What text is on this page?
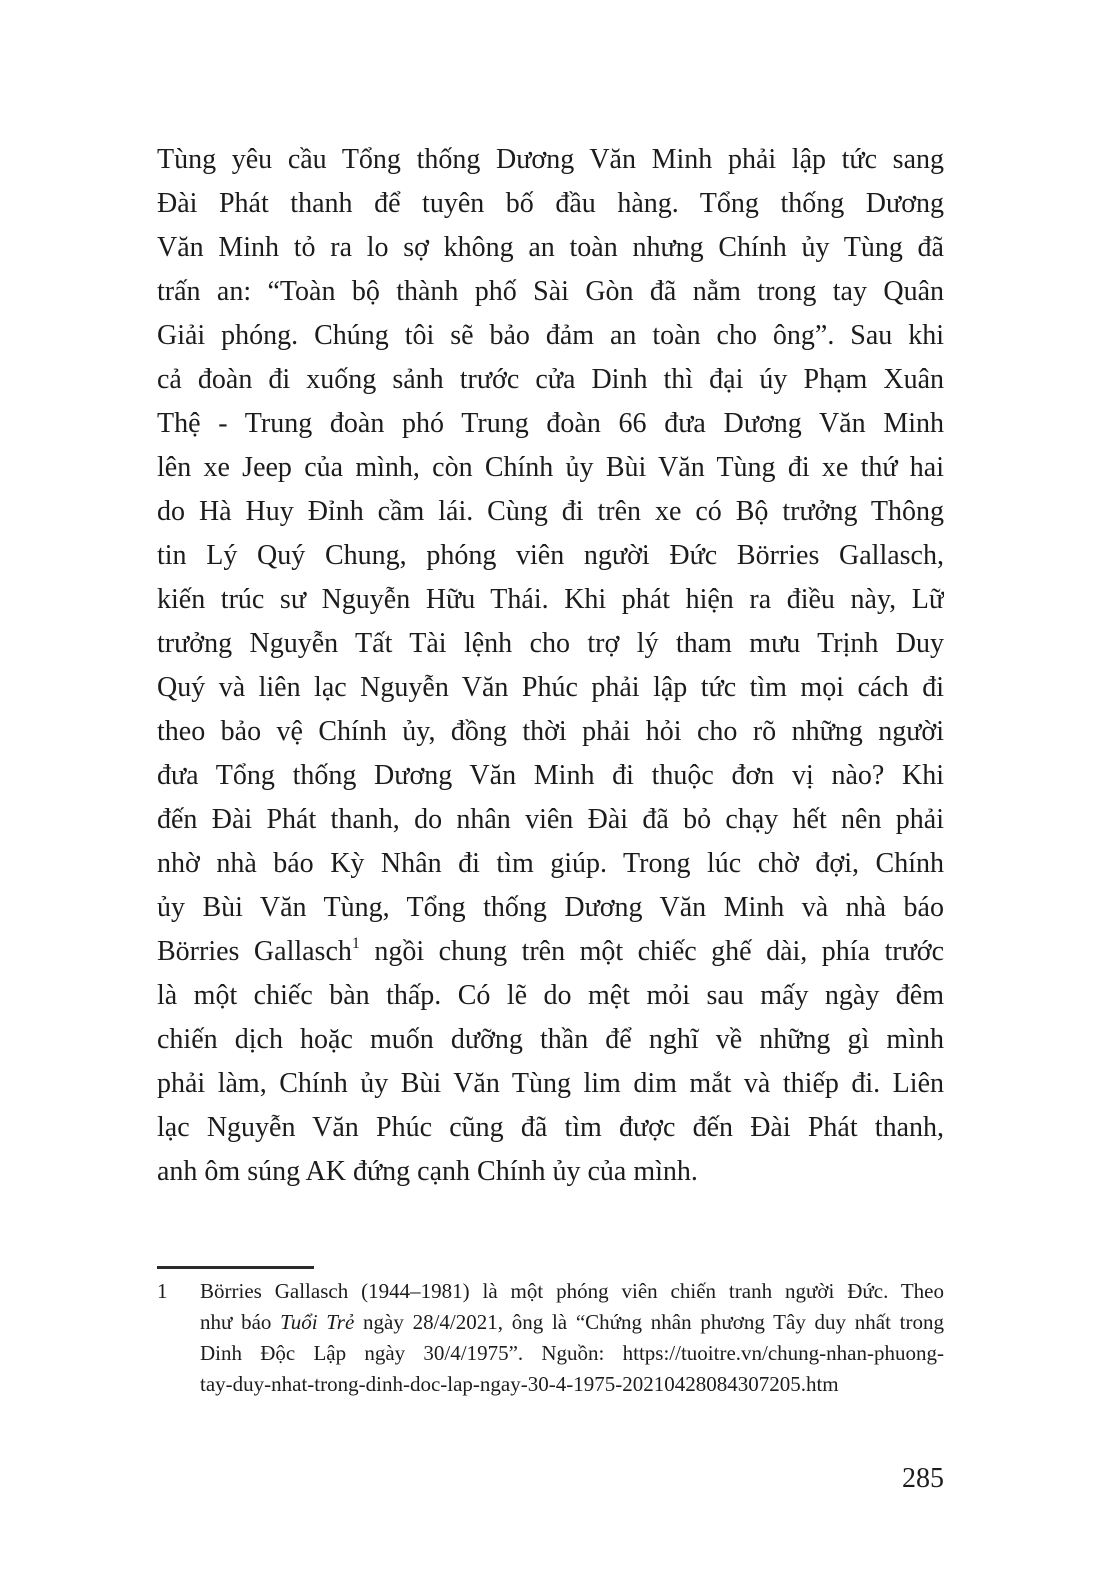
Tùng yêu cầu Tổng thống Dương Văn Minh phải lập tức sang
Đài Phát thanh để tuyên bố đầu hàng. Tổng thống Dương
Văn Minh tỏ ra lo sợ không an toàn nhưng Chính ủy Tùng đã
trấn an: “Toàn bộ thành phố Sài Gòn đã nằm trong tay Quân
Giải phóng. Chúng tôi sẽ bảo đảm an toàn cho ông”. Sau khi
cả đoàn đi xuống sảnh trước cửa Dinh thì đại úy Phạm Xuân
Thệ - Trung đoàn phó Trung đoàn 66 đưa Dương Văn Minh
lên xe Jeep của mình, còn Chính ủy Bùi Văn Tùng đi xe thứ hai
do Hà Huy Đỉnh cầm lái. Cùng đi trên xe có Bộ trưởng Thông
tin Lý Quý Chung, phóng viên người Đức Börries Gallasch,
kiến trúc sư Nguyễn Hữu Thái. Khi phát hiện ra điều này, Lữ
trưởng Nguyễn Tất Tài lệnh cho trợ lý tham mưu Trịnh Duy
Quý và liên lạc Nguyễn Văn Phúc phải lập tức tìm mọi cách đi
theo bảo vệ Chính ủy, đồng thời phải hỏi cho rõ những người
đưa Tổng thống Dương Văn Minh đi thuộc đơn vị nào? Khi
đến Đài Phát thanh, do nhân viên Đài đã bỏ chạy hết nên phải
nhờ nhà báo Kỳ Nhân đi tìm giúp. Trong lúc chờ đợi, Chính
ủy Bùi Văn Tùng, Tổng thống Dương Văn Minh và nhà báo
Börries Gallasch$^1$ ngồi chung trên một chiếc ghế dài, phía trước
là một chiếc bàn thấp. Có lẽ do mệt mỏi sau mấy ngày đêm
chiến dịch hoặc muốn dưỡng thần để nghĩ về những gì mình
phải làm, Chính ủy Bùi Văn Tùng lim dim mắt và thiếp đi. Liên
lạc Nguyễn Văn Phúc cũng đã tìm được đến Đài Phát thanh,
anh ôm súng AK đứng cạnh Chính ủy của mình.
1 Börries Gallasch (1944–1981) là một phóng viên chiến tranh người Đức. Theo
như báo Tuổi Trẻ ngày 28/4/2021, ông là “Chứng nhân phương Tây duy nhất trong
Dinh Độc Lập ngày 30/4/1975”. Nguồn: https://tuoitre.vn/chung-nhan-phuong-
tay-duy-nhat-trong-dinh-doc-lap-ngay-30-4-1975-20210428084307205.htm
285
